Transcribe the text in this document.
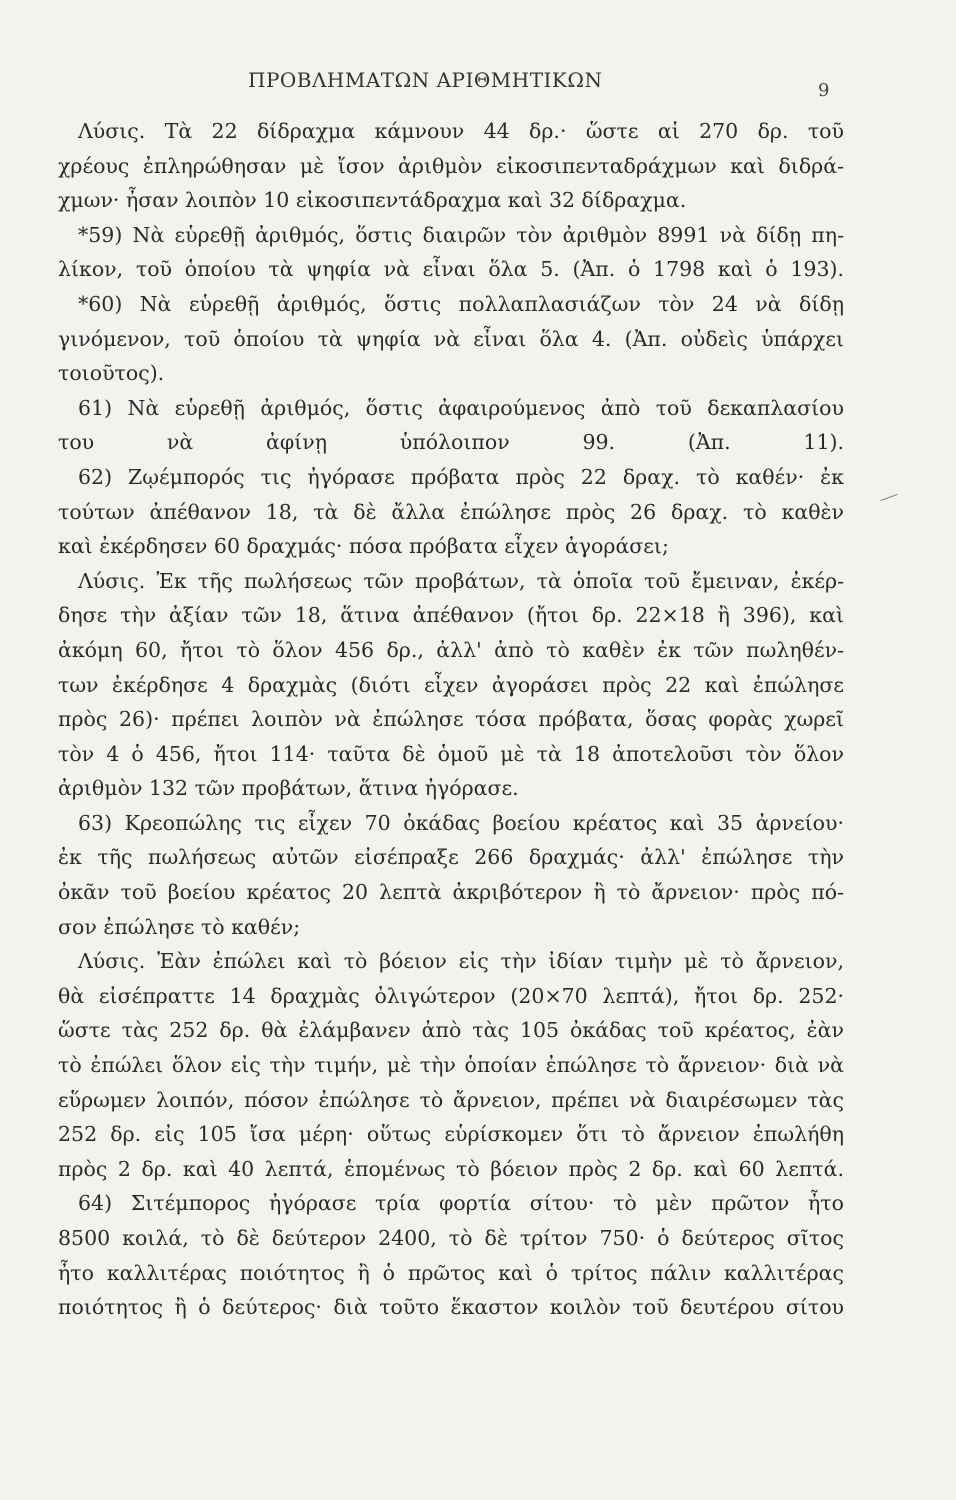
ΠΡΟΒΛΗΜΑΤΩΝ ΑΡΙΘΜΗΤΙΚΩΝ	9
Λύσις. Τὰ 22 δίδραχμα κάμνουν 44 δρ.· ὥστε αἱ 270 δρ. τοῦ
χρέους ἐπληρώθησαν μὲ ἴσον ἀριθμὸν εἰκοσιπενταδράχμων καὶ διδρά-
χμων· ἦσαν λοιπὸν 10 εἰκοσιπεντάδραχμα καὶ 32 δίδραχμα.
*59) Νὰ εὑρεθῇ ἀριθμός, ὅστις διαιρῶν τὸν ἀριθμὸν 8991 νὰ δίδῃ πη-
λίκον, τοῦ ὁποίου τὰ ψηφία νὰ εἶναι ὅλα 5. (Ἀπ. ὁ 1798 καὶ ὁ 193).
*60) Νὰ εὑρεθῇ ἀριθμός, ὅστις πολλαπλασιάζων τὸν 24 νὰ δίδῃ
γινόμενον, τοῦ ὁποίου τὰ ψηφία νὰ εἶναι ὅλα 4. (Ἀπ. οὐδεὶς ὑπάρχει
τοιοῦτος).
61) Νὰ εὑρεθῇ ἀριθμός, ὅστις ἀφαιρούμενος ἀπὸ τοῦ δεκαπλασίου
του νὰ ἀφίνῃ ὑπόλοιπον 99. (Ἀπ. 11).
62) Ζῳέμπορός τις ἠγόρασε πρόβατα πρὸς 22 δραχ. τὸ καθέν· ἐκ
τούτων ἀπέθανον 18, τὰ δὲ ἄλλα ἐπώλησε πρὸς 26 δραχ. τὸ καθὲν
καὶ ἐκέρδησεν 60 δραχμάς· πόσα πρόβατα εἶχεν ἀγοράσει;
Λύσις. Ἐκ τῆς πωλήσεως τῶν προβάτων, τὰ ὁποῖα τοῦ ἔμειναν, ἐκέρ-
δησε τὴν ἀξίαν τῶν 18, ἅτινα ἀπέθανον (ἤτοι δρ. 22×18 ἢ 396), καὶ
ἀκόμη 60, ἤτοι τὸ ὅλον 456 δρ., ἀλλ' ἀπὸ τὸ καθὲν ἐκ τῶν πωληθέν-
των ἐκέρδησε 4 δραχμὰς (διότι εἶχεν ἀγοράσει πρὸς 22 καὶ ἐπώλησε
πρὸς 26)· πρέπει λοιπὸν νὰ ἐπώλησε τόσα πρόβατα, ὅσας φορὰς χωρεῖ
τὸν 4 ὁ 456, ἤτοι 114· ταῦτα δὲ ὁμοῦ μὲ τὰ 18 ἀποτελοῦσι τὸν ὅλον
ἀριθμὸν 132 τῶν προβάτων, ἅτινα ἠγόρασε.
63) Κρεοπώλης τις εἶχεν 70 ὀκάδας βοείου κρέατος καὶ 35 ἀρνείου·
ἐκ τῆς πωλήσεως αὐτῶν εἰσέπραξε 266 δραχμάς· ἀλλ' ἐπώλησε τὴν
ὀκᾶν τοῦ βοείου κρέατος 20 λεπτὰ ἀκριβότερον ἢ τὸ ἄρνειον· πρὸς πό-
σον ἐπώλησε τὸ καθέν;
Λύσις. Ἐὰν ἐπώλει καὶ τὸ βόειον εἰς τὴν ἰδίαν τιμὴν μὲ τὸ ἄρνειον,
θὰ εἰσέπραττε 14 δραχμὰς ὀλιγώτερον (20×70 λεπτά), ἤτοι δρ. 252·
ὥστε τὰς 252 δρ. θὰ ἐλάμβανεν ἀπὸ τὰς 105 ὀκάδας τοῦ κρέατος, ἐὰν
τὸ ἐπώλει ὅλον εἰς τὴν τιμήν, μὲ τὴν ὁποίαν ἐπώλησε τὸ ἄρνειον· διὰ νὰ
εὕρωμεν λοιπόν, πόσον ἐπώλησε τὸ ἄρνειον, πρέπει νὰ διαιρέσωμεν τὰς
252 δρ. εἰς 105 ἴσα μέρη· οὕτως εὑρίσκομεν ὅτι τὸ ἄρνειον ἐπωλήθη
πρὸς 2 δρ. καὶ 40 λεπτά, ἑπομένως τὸ βόειον πρὸς 2 δρ. καὶ 60 λεπτά.
64) Σιτέμπορος ἠγόρασε τρία φορτία σίτου· τὸ μὲν πρῶτον ἦτο
8500 κοιλά, τὸ δὲ δεύτερον 2400, τὸ δὲ τρίτον 750· ὁ δεύτερος σῖτος
ἦτο καλλιτέρας ποιότητος ἢ ὁ πρῶτος καὶ ὁ τρίτος πάλιν καλλιτέρας
ποιότητος ἢ ὁ δεύτερος· διὰ τοῦτο ἕκαστον κοιλὸν τοῦ δευτέρου σίτου
